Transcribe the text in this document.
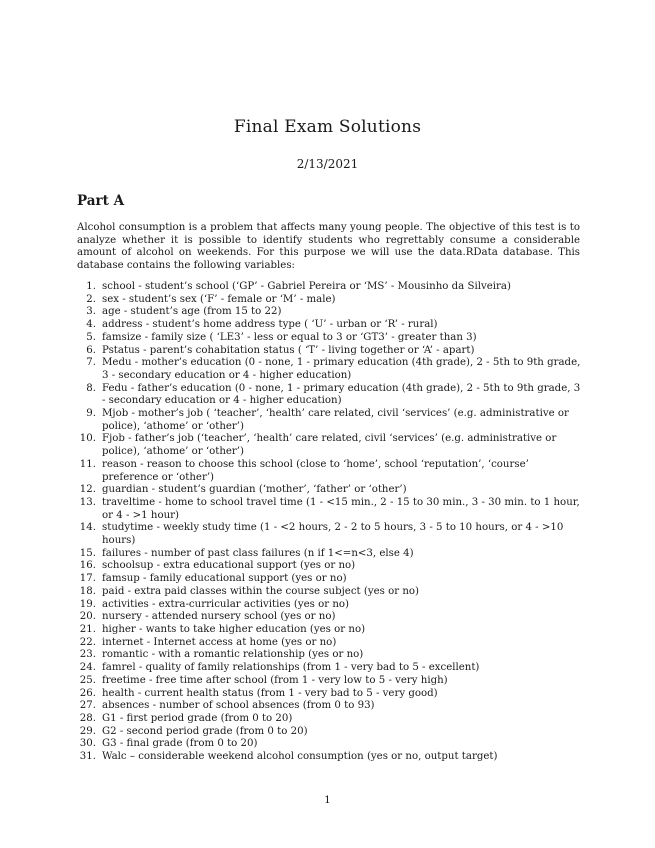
Final Exam Solutions

2/13/2021

Part A

Alcohol consumption is a problem that affects many young people. The objective of this test is to analyze whether it is possible to identify students who regrettably consume a considerable amount of alcohol on weekends. For this purpose we will use the data.RData database. This database contains the following variables:

1. school - student’s school (‘GP’ - Gabriel Pereira or ‘MS’ - Mousinho da Silveira)
2. sex - student’s sex (‘F’ - female or ‘M’ - male)
3. age - student’s age (from 15 to 22)
4. address - student’s home address type ( ‘U’ - urban or ‘R’ - rural)
5. famsize - family size ( ‘LE3’ - less or equal to 3 or ‘GT3’ - greater than 3)
6. Pstatus - parent’s cohabitation status ( ‘T’ - living together or ‘A’ - apart)
7. Medu - mother’s education (0 - none, 1 - primary education (4th grade), 2 - 5th to 9th grade, 3 - secondary education or 4 - higher education)
8. Fedu - father’s education (0 - none, 1 - primary education (4th grade), 2 - 5th to 9th grade, 3 - secondary education or 4 - higher education)
9. Mjob - mother’s job ( ‘teacher’, ‘health’ care related, civil ‘services’ (e.g. administrative or police), ‘athome’ or ‘other’)
10. Fjob - father’s job (‘teacher’, ‘health’ care related, civil ‘services’ (e.g. administrative or police), ‘athome’ or ‘other’)
11. reason - reason to choose this school (close to ‘home’, school ‘reputation’, ‘course’ preference or ‘other’)
12. guardian - student’s guardian (‘mother’, ‘father’ or ‘other’)
13. traveltime - home to school travel time (1 - <15 min., 2 - 15 to 30 min., 3 - 30 min. to 1 hour, or 4 - >1 hour)
14. studytime - weekly study time (1 - <2 hours, 2 - 2 to 5 hours, 3 - 5 to 10 hours, or 4 - >10 hours)
15. failures - number of past class failures (n if 1<=n<3, else 4)
16. schoolsup - extra educational support (yes or no)
17. famsup - family educational support (yes or no)
18. paid - extra paid classes within the course subject (yes or no)
19. activities - extra-curricular activities (yes or no)
20. nursery - attended nursery school (yes or no)
21. higher - wants to take higher education (yes or no)
22. internet - Internet access at home (yes or no)
23. romantic - with a romantic relationship (yes or no)
24. famrel - quality of family relationships (from 1 - very bad to 5 - excellent)
25. freetime - free time after school (from 1 - very low to 5 - very high)
26. health - current health status (from 1 - very bad to 5 - very good)
27. absences - number of school absences (from 0 to 93)
28. G1 - first period grade (from 0 to 20)
29. G2 - second period grade (from 0 to 20)
30. G3 - final grade (from 0 to 20)
31. Walc – considerable weekend alcohol consumption (yes or no, output target)

1
